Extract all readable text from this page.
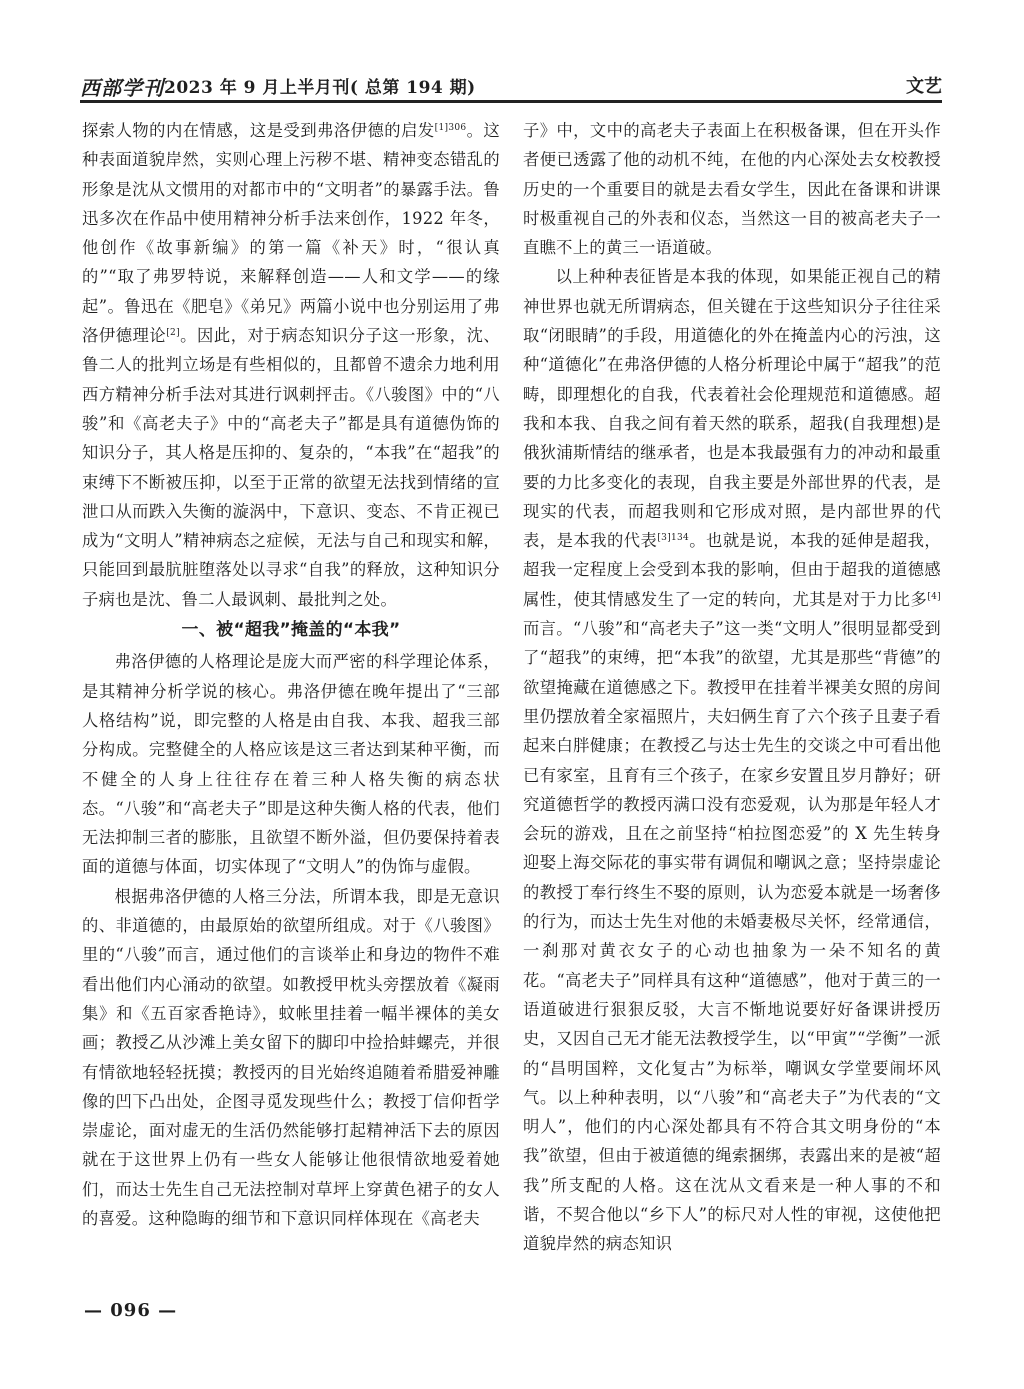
西部学刊 2023 年 9 月上半月刊( 总第 194 期)	文艺

探索人物的内在情感，这是受到弗洛伊德的启发$^{[1]306}$。这种表面道貌岸然，实则心理上污秽不堪、精神变态错乱的形象是沈从文惯用的对都市中的“文明者”的暴露手法。鲁迅多次在作品中使用精神分析手法来创作，1922 年冬，他创作《故事新编》的第一篇《补天》时，“很认真的”“取了弗罗特说，来解释创造——人和文学——的缘起”。鲁迅在《肥皂》《弟兄》两篇小说中也分别运用了弗洛伊德理论[2]。因此，对于病态知识分子这一形象，沈、鲁二人的批判立场是有些相似的，且都曾不遗余力地利用西方精神分析手法对其进行讽刺抨击。《八骏图》中的“八骏”和《高老夫子》中的“高老夫子”都是具有道德伪饰的知识分子，其人格是压抑的、复杂的，“本我”在“超我”的束缚下不断被压抑，以至于正常的欲望无法找到情绪的宣泄口从而跌入失衡的漩涡中，下意识、变态、不肯正视已成为“文明人”精神病态之症候，无法与自己和现实和解，只能回到最肮脏堕落处以寻求“自我”的释放，这种知识分子病也是沈、鲁二人最讽刺、最批判之处。

一、被“超我”掩盖的“本我”

弗洛伊德的人格理论是庞大而严密的科学理论体系，是其精神分析学说的核心。弗洛伊德在晚年提出了“三部人格结构”说，即完整的人格是由自我、本我、超我三部分构成。完整健全的人格应该是这三者达到某种平衡，而不健全的人身上往往存在着三种人格失衡的病态状态。“八骏”和“高老夫子”即是这种失衡人格的代表，他们无法抑制三者的膨胀，且欲望不断外溢，但仍要保持着表面的道德与体面，切实体现了“文明人”的伪饰与虚假。

根据弗洛伊德的人格三分法，所谓本我，即是无意识的、非道德的，由最原始的欲望所组成。对于《八骏图》里的“八骏”而言，通过他们的言谈举止和身边的物件不难看出他们内心涌动的欲望。如教授甲枕头旁摆放着《凝雨集》和《五百家香艳诗》，蚊帐里挂着一幅半裸体的美女画；教授乙从沙滩上美女留下的脚印中捡拾蚌螺壳，并很有情欲地轻轻抚摸；教授丙的目光始终追随着希腊爱神雕像的凹下凸出处，企图寻觅发现些什么；教授丁信仰哲学崇虚论，面对虚无的生活仍然能够打起精神活下去的原因就在于这世界上仍有一些女人能够让他很情欲地爱着她们，而达士先生自己无法控制对草坪上穿黄色裙子的女人的喜爱。这种隐晦的细节和下意识同样体现在《高老夫

子》中，文中的高老夫子表面上在积极备课，但在开头作者便已透露了他的动机不纯，在他的内心深处去女校教授历史的一个重要目的就是去看女学生，因此在备课和讲课时极重视自己的外表和仪态，当然这一目的被高老夫子一直瞧不上的黄三一语道破。

以上种种表征皆是本我的体现，如果能正视自己的精神世界也就无所谓病态，但关键在于这些知识分子往往采取“闭眼睛”的手段，用道德化的外在掩盖内心的污浊，这种“道德化”在弗洛伊德的人格分析理论中属于“超我”的范畴，即理想化的自我，代表着社会伦理规范和道德感。超我和本我、自我之间有着天然的联系，超我(自我理想)是俄狄浦斯情结的继承者，也是本我最强有力的冲动和最重要的力比多变化的表现，自我主要是外部世界的代表，是现实的代表，而超我则和它形成对照，是内部世界的代表，是本我的代表$^{[3]134}$。也就是说，本我的延伸是超我，超我一定程度上会受到本我的影响，但由于超我的道德感属性，使其情感发生了一定的转向，尤其是对于力比多[4]而言。“八骏”和“高老夫子”这一类“文明人”很明显都受到了“超我”的束缚，把“本我”的欲望，尤其是那些“背德”的欲望掩藏在道德感之下。教授甲在挂着半裸美女照的房间里仍摆放着全家福照片，夫妇俩生育了六个孩子且妻子看起来白胖健康；在教授乙与达士先生的交谈之中可看出他已有家室，且育有三个孩子，在家乡安置且岁月静好；研究道德哲学的教授丙满口没有恋爱观，认为那是年轻人才会玩的游戏，且在之前坚持“柏拉图恋爱”的 X 先生转身迎娶上海交际花的事实带有调侃和嘲讽之意；坚持崇虚论的教授丁奉行终生不娶的原则，认为恋爱本就是一场奢侈的行为，而达士先生对他的未婚妻极尽关怀，经常通信，一刹那对黄衣女子的心动也抽象为一朵不知名的黄花。“高老夫子”同样具有这种“道德感”，他对于黄三的一语道破进行狠狠反驳，大言不惭地说要好好备课讲授历史，又因自己无才能无法教授学生，以“甲寅”“学衡”一派的“昌明国粹，文化复古”为标举，嘲讽女学堂要闹坏风气。以上种种表明，以“八骏”和“高老夫子”为代表的“文明人”，他们的内心深处都具有不符合其文明身份的“本我”欲望，但由于被道德的绳索捆绑，表露出来的是被“超我”所支配的人格。这在沈从文看来是一种人事的不和谐，不契合他以“乡下人”的标尺对人性的审视，这使他把道貌岸然的病态知识

— 096 —
